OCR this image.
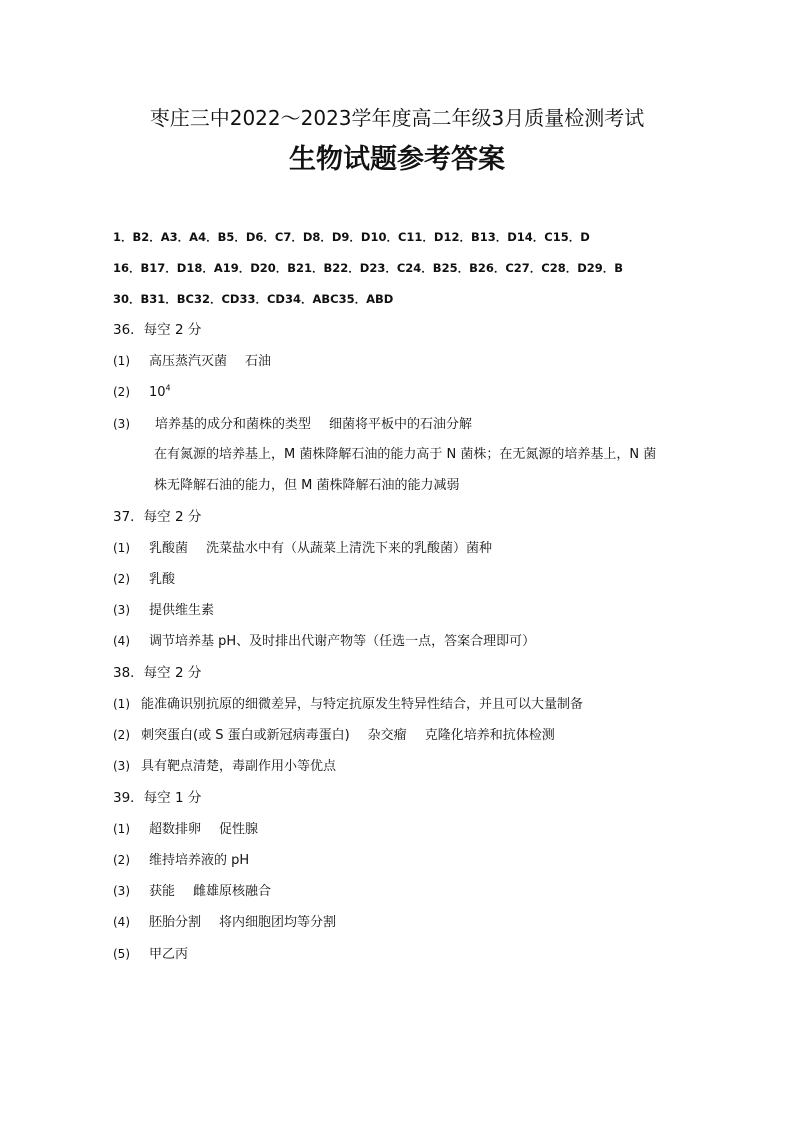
枣庄三中2022～2023学年度高二年级3月质量检测考试
生物试题参考答案
1．B2．A3．A4．B5．D6．C7．D8．D9．D10．C11．D12．B13．D14．C15．D
16．B17．D18．A19．D20．B21．B22．D23．C24．B25．B26．C27．C28．D29．B
30．B31．BC32．CD33．CD34．ABC35．ABD
36．每空 2 分
(1) 高压蒸汽灭菌 石油
(2) $10^4$
(3) 培养基的成分和菌株的类型 细菌将平板中的石油分解
在有氮源的培养基上，M 菌株降解石油的能力高于 N 菌株；在无氮源的培养基上，N 菌
株无降解石油的能力，但 M 菌株降解石油的能力减弱
37．每空 2 分
(1) 乳酸菌 洗菜盐水中有（从蔬菜上清洗下来的乳酸菌）菌种
(2) 乳酸
(3) 提供维生素
(4) 调节培养基 pH、及时排出代谢产物等（任选一点，答案合理即可）
38．每空 2 分
(1) 能准确识别抗原的细微差异，与特定抗原发生特异性结合，并且可以大量制备
(2) 刺突蛋白(或 S 蛋白或新冠病毒蛋白) 杂交瘤 克隆化培养和抗体检测
(3) 具有靶点清楚，毒副作用小等优点
39．每空 1 分
(1) 超数排卵 促性腺
(2) 维持培养液的 pH
(3) 获能 雌雄原核融合
(4) 胚胎分割 将内细胞团均等分割
(5) 甲乙丙
